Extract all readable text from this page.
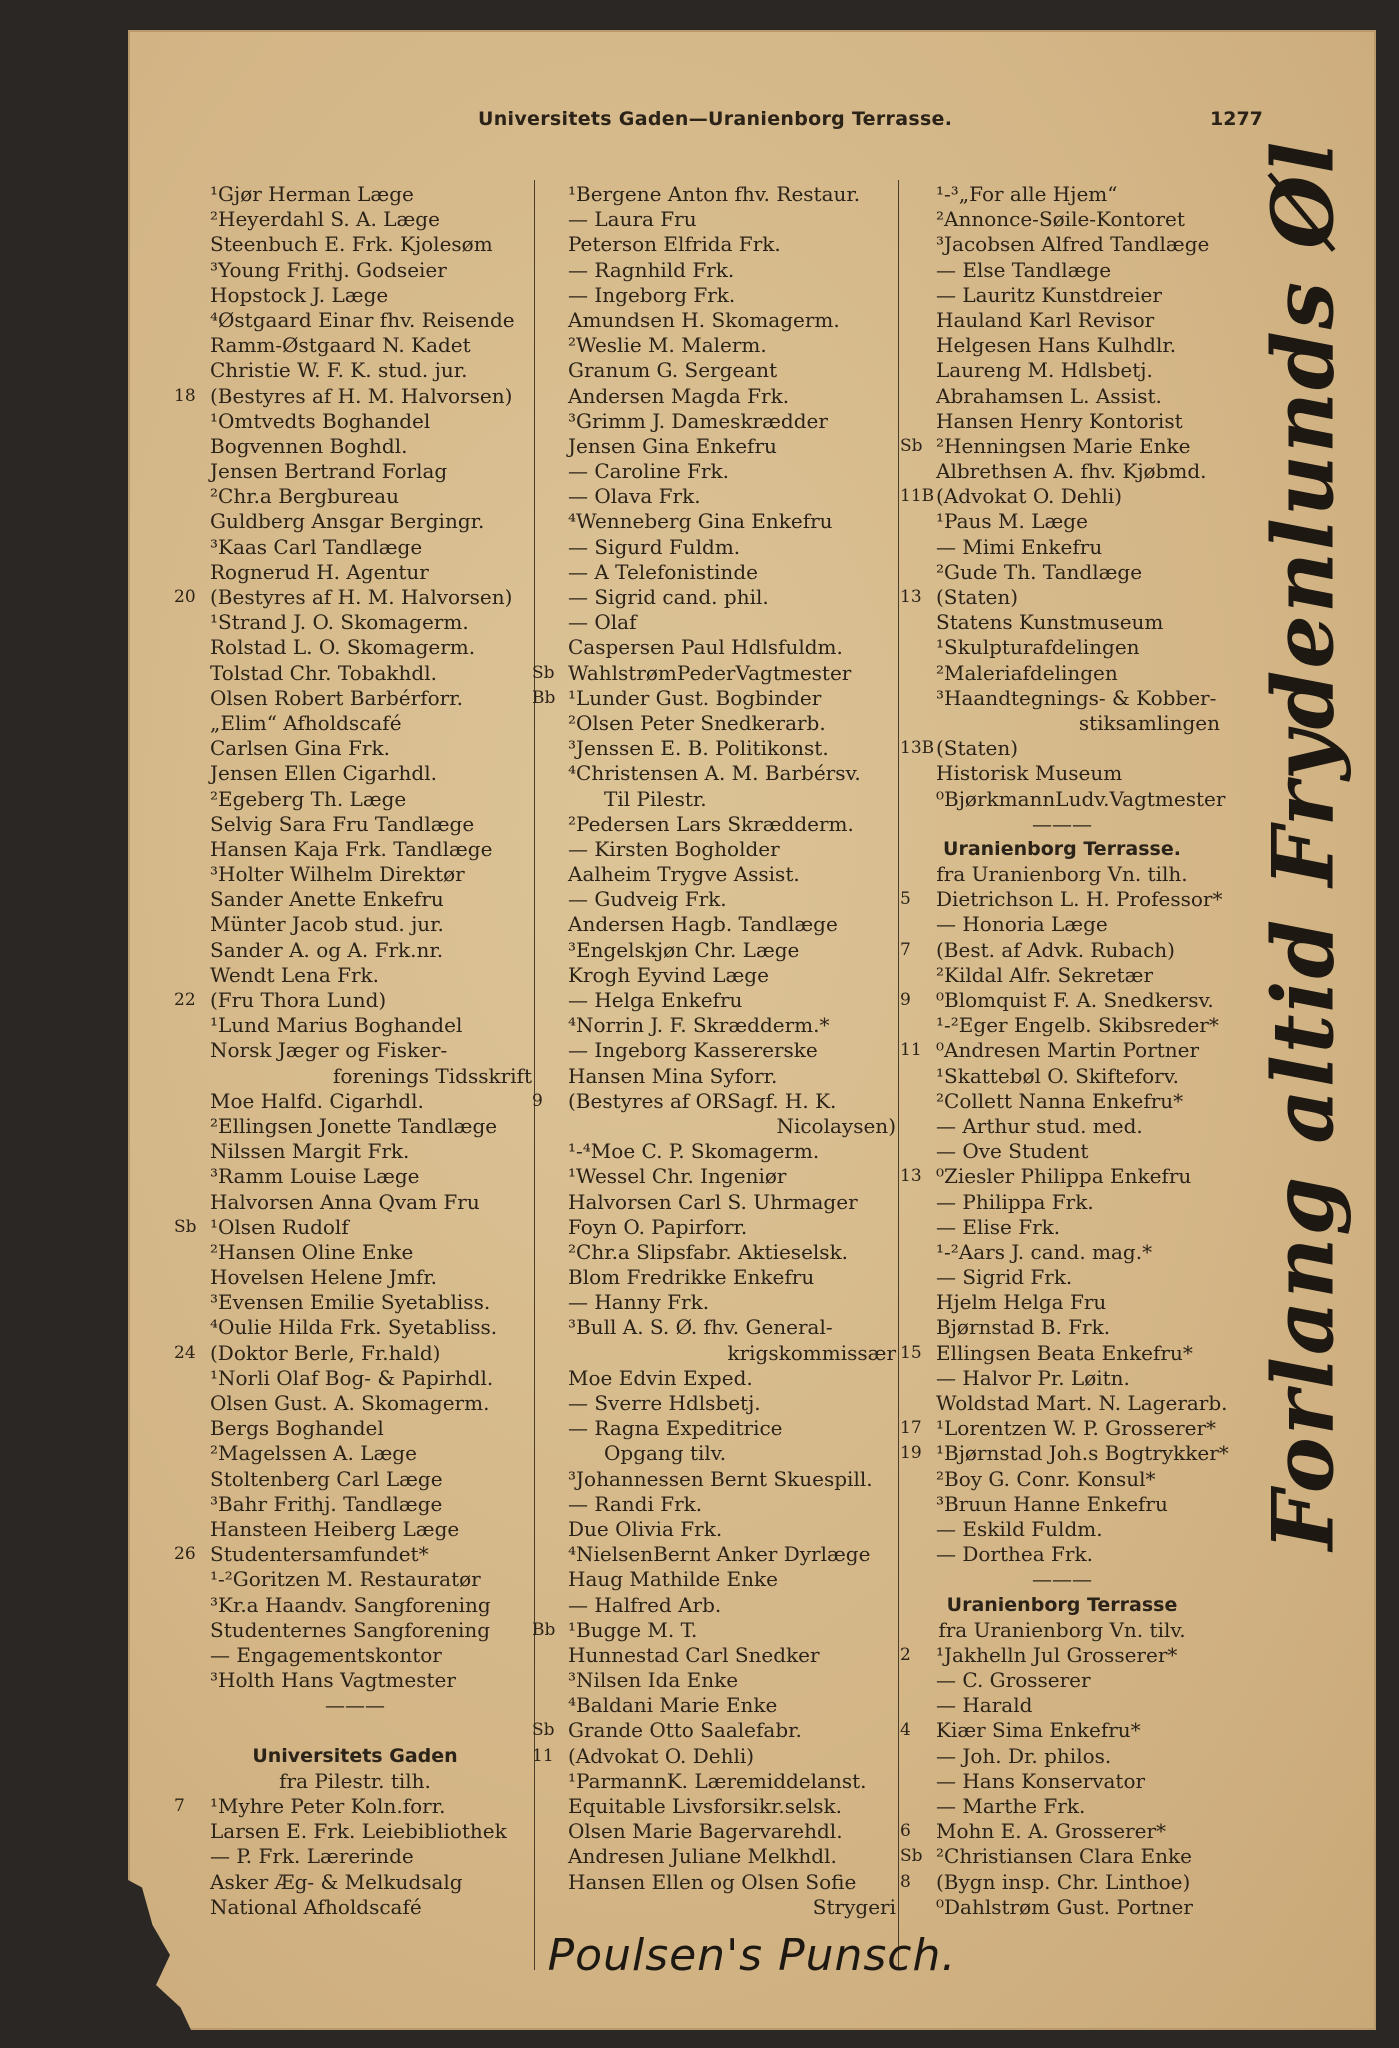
Universitets Gaden—Uranienborg Terrasse.	1277
¹Gjør Herman Læge
²Heyerdahl S. A. Læge
Steenbuch E. Frk. Kjolesøm
³Young Frithj. Godseier
Hopstock J. Læge
⁴Østgaard Einar fhv. Reisende
Ramm-Østgaard N. Kadet
Christie W. F. K. stud. jur.
18 (Bestyres af H. M. Halvorsen)
¹Omtvedts Boghandel
Bogvennen Boghdl.
Jensen Bertrand Forlag
²Chr.a Bergbureau
Guldberg Ansgar Bergingr.
³Kaas Carl Tandlæge
Rognerud H. Agentur
20 (Bestyres af H. M. Halvorsen)
¹Strand J. O. Skomagerm.
Rolstad L. O. Skomagerm.
Tolstad Chr. Tobakhdl.
Olsen Robert Barbérforr.
„Elim“ Afholdscafé
Carlsen Gina Frk.
Jensen Ellen Cigarhdl.
²Egeberg Th. Læge
Selvig Sara Fru Tandlæge
Hansen Kaja Frk. Tandlæge
³Holter Wilhelm Direktør
Sander Anette Enkefru
Münter Jacob stud. jur.
Sander A. og A. Frk.nr.
Wendt Lena Frk.
22 (Fru Thora Lund)
¹Lund Marius Boghandel
Norsk Jæger og Fisker-
forenings Tidsskrift
Moe Halfd. Cigarhdl.
²Ellingsen Jonette Tandlæge
Nilssen Margit Frk.
³Ramm Louise Læge
Halvorsen Anna Qvam Fru
Sb ¹Olsen Rudolf
²Hansen Oline Enke
Hovelsen Helene Jmfr.
³Evensen Emilie Syetabliss.
⁴Oulie Hilda Frk. Syetabliss.
24 (Doktor Berle, Fr.hald)
¹Norli Olaf Bog- & Papirhdl.
Olsen Gust. A. Skomagerm.
Bergs Boghandel
²Magelssen A. Læge
Stoltenberg Carl Læge
³Bahr Frithj. Tandlæge
Hansteen Heiberg Læge
26 Studentersamfundet*
¹-²Goritzen M. Restauratør
³Kr.a Haandv. Sangforening
Studenternes Sangforening
— Engagementskontor
³Holth Hans Vagtmester
———
Universitets Gaden
fra Pilestr. tilh.
7	¹Myhre Peter Koln.forr.
Larsen E. Frk. Leiebibliothek
— P. Frk. Lærerinde
Asker Æg- & Melkudsalg
National Afholdscafé
¹Bergene Anton fhv. Restaur.
— Laura Fru
Peterson Elfrida Frk.
— Ragnhild Frk.
— Ingeborg Frk.
Amundsen H. Skomagerm.
²Weslie M. Malerm.
Granum G. Sergeant
Andersen Magda Frk.
³Grimm J. Dameskrædder
Jensen Gina Enkefru
— Caroline Frk.
— Olava Frk.
⁴Wenneberg Gina Enkefru
— Sigurd Fuldm.
— A Telefonistinde
— Sigrid cand. phil.
— Olaf
Caspersen Paul Hdlsfuldm.
Sb WahlstrømPederVagtmester
Bb ¹Lunder Gust. Bogbinder
²Olsen Peter Snedkerarb.
³Jenssen E. B. Politikonst.
⁴Christensen A. M. Barbérsv.
Til Pilestr.
²Pedersen Lars Skrædderm.
— Kirsten Bogholder
Aalheim Trygve Assist.
— Gudveig Frk.
Andersen Hagb. Tandlæge
³Engelskjøn Chr. Læge
Krogh Eyvind Læge
— Helga Enkefru
⁴Norrin J. F. Skrædderm.*
— Ingeborg Kassererske
Hansen Mina Syforr.
9	(Bestyres af ORSagf. H. K.
Nicolaysen)
¹-⁴Moe C. P. Skomagerm.
¹Wessel Chr. Ingeniør
Halvorsen Carl S. Uhrmager
Foyn O. Papirforr.
²Chr.a Slipsfabr. Aktieselsk.
Blom Fredrikke Enkefru
— Hanny Frk.
³Bull A. S. Ø. fhv. General-
krigskommissær
Moe Edvin Exped.
— Sverre Hdlsbetj.
— Ragna Expeditrice
Opgang tilv.
³Johannessen Bernt Skuespill.
— Randi Frk.
Due Olivia Frk.
⁴NielsenBernt Anker Dyrlæge
Haug Mathilde Enke
— Halfred Arb.
Bb ¹Bugge M. T.
Hunnestad Carl Snedker
³Nilsen Ida Enke
⁴Baldani Marie Enke
Sb Grande Otto Saalefabr.
11 (Advokat O. Dehli)
¹ParmannK. Læremiddelanst.
Equitable Livsforsikr.selsk.
Olsen Marie Bagervarehdl.
Andresen Juliane Melkhdl.
Hansen Ellen og Olsen Sofie
Strygeri
¹-³„For alle Hjem“
²Annonce-Søile-Kontoret
³Jacobsen Alfred Tandlæge
— Else Tandlæge
— Lauritz Kunstdreier
Hauland Karl Revisor
Helgesen Hans Kulhdlr.
Laureng M. Hdlsbetj.
Abrahamsen L. Assist.
Hansen Henry Kontorist
Sb ²Henningsen Marie Enke
Albrethsen A. fhv. Kjøbmd.
11B (Advokat O. Dehli)
¹Paus M. Læge
— Mimi Enkefru
²Gude Th. Tandlæge
13 (Staten)
Statens Kunstmuseum
¹Skulpturafdelingen
²Maleriafdelingen
³Haandtegnings- & Kobber-
stiksamlingen
13B (Staten)
Historisk Museum
⁰BjørkmannLudv.Vagtmester
———
Uranienborg Terrasse.
fra Uranienborg Vn. tilh.
5	Dietrichson L. H. Professor*
— Honoria Læge
7	(Best. af Advk. Rubach)
²Kildal Alfr. Sekretær
9	⁰Blomquist F. A. Snedkersv.
¹-²Eger Engelb. Skibsreder*
11 ⁰Andresen Martin Portner
¹Skattebøl O. Skifteforv.
²Collett Nanna Enkefru*
— Arthur stud. med.
— Ove Student
13 ⁰Ziesler Philippa Enkefru
— Philippa Frk.
— Elise Frk.
¹-²Aars J. cand. mag.*
— Sigrid Frk.
Hjelm Helga Fru
Bjørnstad B. Frk.
15 Ellingsen Beata Enkefru*
— Halvor Pr. Løitn.
Woldstad Mart. N. Lagerarb.
17 ¹Lorentzen W. P. Grosserer*
19 ¹Bjørnstad Joh.s Bogtrykker*
²Boy G. Conr. Konsul*
³Bruun Hanne Enkefru
— Eskild Fuldm.
— Dorthea Frk.
———
Uranienborg Terrasse
fra Uranienborg Vn. tilv.
2	¹Jakhelln Jul Grosserer*
— C. Grosserer
— Harald
4	Kiær Sima Enkefru*
— Joh. Dr. philos.
— Hans Konservator
— Marthe Frk.
6	Mohn E. A. Grosserer*
Sb ²Christiansen Clara Enke
8	(Bygn insp. Chr. Linthoe)
⁰Dahlstrøm Gust. Portner
Forlang altid Frydenlunds Øl
Poulsen's Punsch.
